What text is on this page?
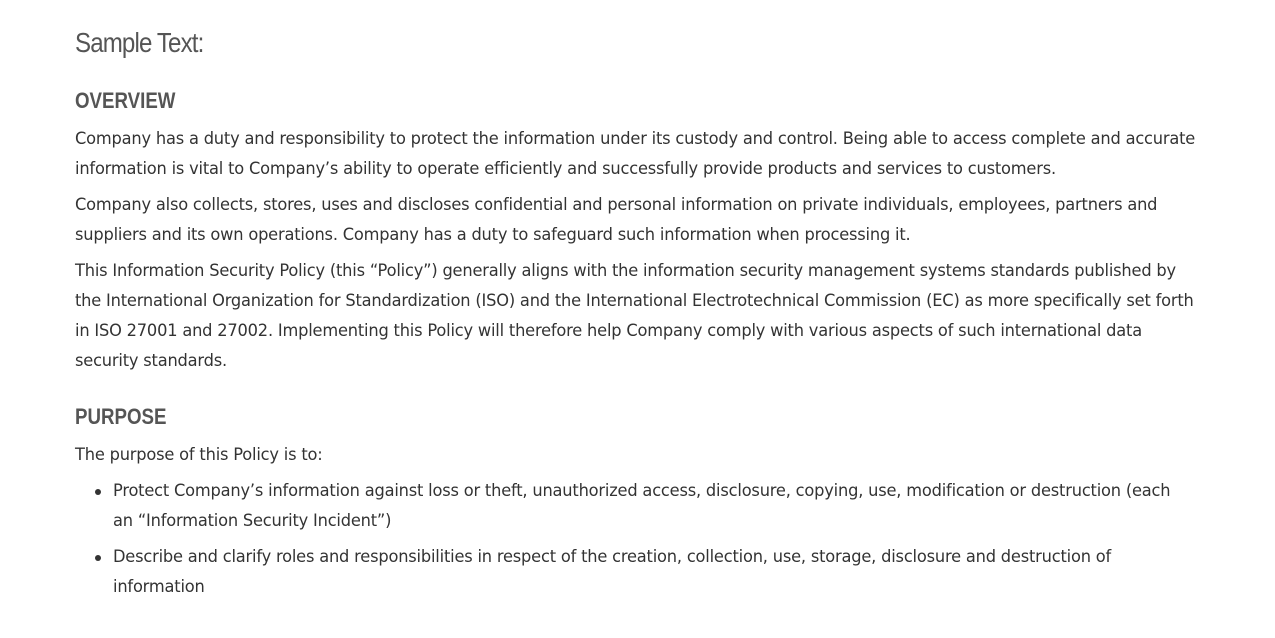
Sample Text:
OVERVIEW

Company has a duty and responsibility to protect the information under its custody and control. Being able to access complete and accurate information is vital to Company’s ability to operate efficiently and successfully provide products and services to customers.

Company also collects, stores, uses and discloses confidential and personal information on private individuals, employees, partners and suppliers and its own operations. Company has a duty to safeguard such information when processing it.

This Information Security Policy (this “Policy”) generally aligns with the information security management systems standards published by the International Organization for Standardization (ISO) and the International Electrotechnical Commission (EC) as more specifically set forth in ISO 27001 and 27002. Implementing this Policy will therefore help Company comply with various aspects of such international data security standards.

PURPOSE

The purpose of this Policy is to:

Protect Company’s information against loss or theft, unauthorized access, disclosure, copying, use, modification or destruction (each an “Information Security Incident”)

Describe and clarify roles and responsibilities in respect of the creation, collection, use, storage, disclosure and destruction of information
